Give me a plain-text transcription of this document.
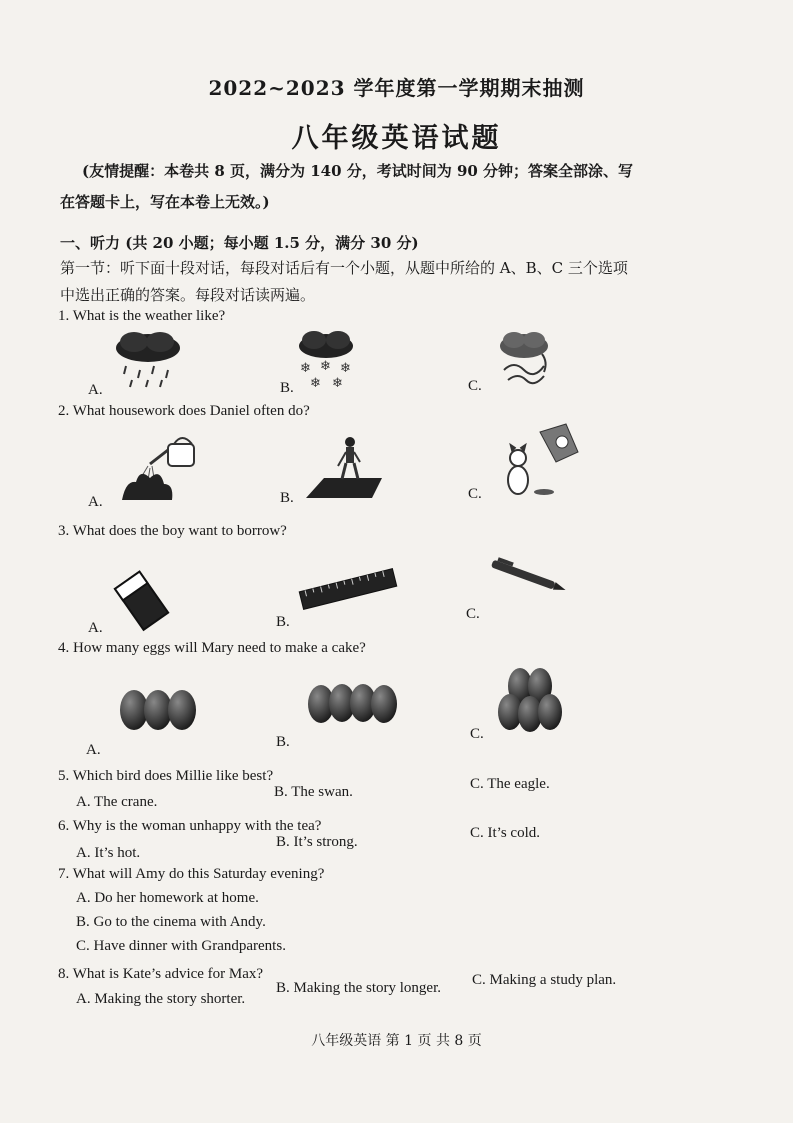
2022~2023 学年度第一学期期末抽测
八年级英语试题
(友情提醒：本卷共 8 页，满分为 140 分，考试时间为 90 分钟；答案全部涂、写在答题卡上，写在本卷上无效。)
一、听力 (共 20 小题；每小题 1.5 分，满分 30 分)
第一节：听下面十段对话，每段对话后有一个小题，从题中所给的 A、B、C 三个选项中选出正确的答案。每段对话读两遍。
1. What is the weather like?
A.
❄ ❄ ❄
❄ ❄
B.	C.
2. What housework does Daniel often do?
A.	B.	C.
3. What does the boy want to borrow?
A.	B.	C.
4. How many eggs will Mary need to make a cake?
A.	B.	C.
5. Which bird does Millie like best?
A. The crane.
B. The swan.	C. The eagle.
6. Why is the woman unhappy with the tea?
A. It’s hot.
B. It’s strong.
C. It’s cold.
7. What will Amy do this Saturday evening?
A. Do her homework at home.
B. Go to the cinema with Andy.
C. Have dinner with Grandparents.
8. What is Kate’s advice for Max?
A. Making the story shorter.
B. Making the story longer. C. Making a study plan.
八年级英语 第 1 页 共 8 页
